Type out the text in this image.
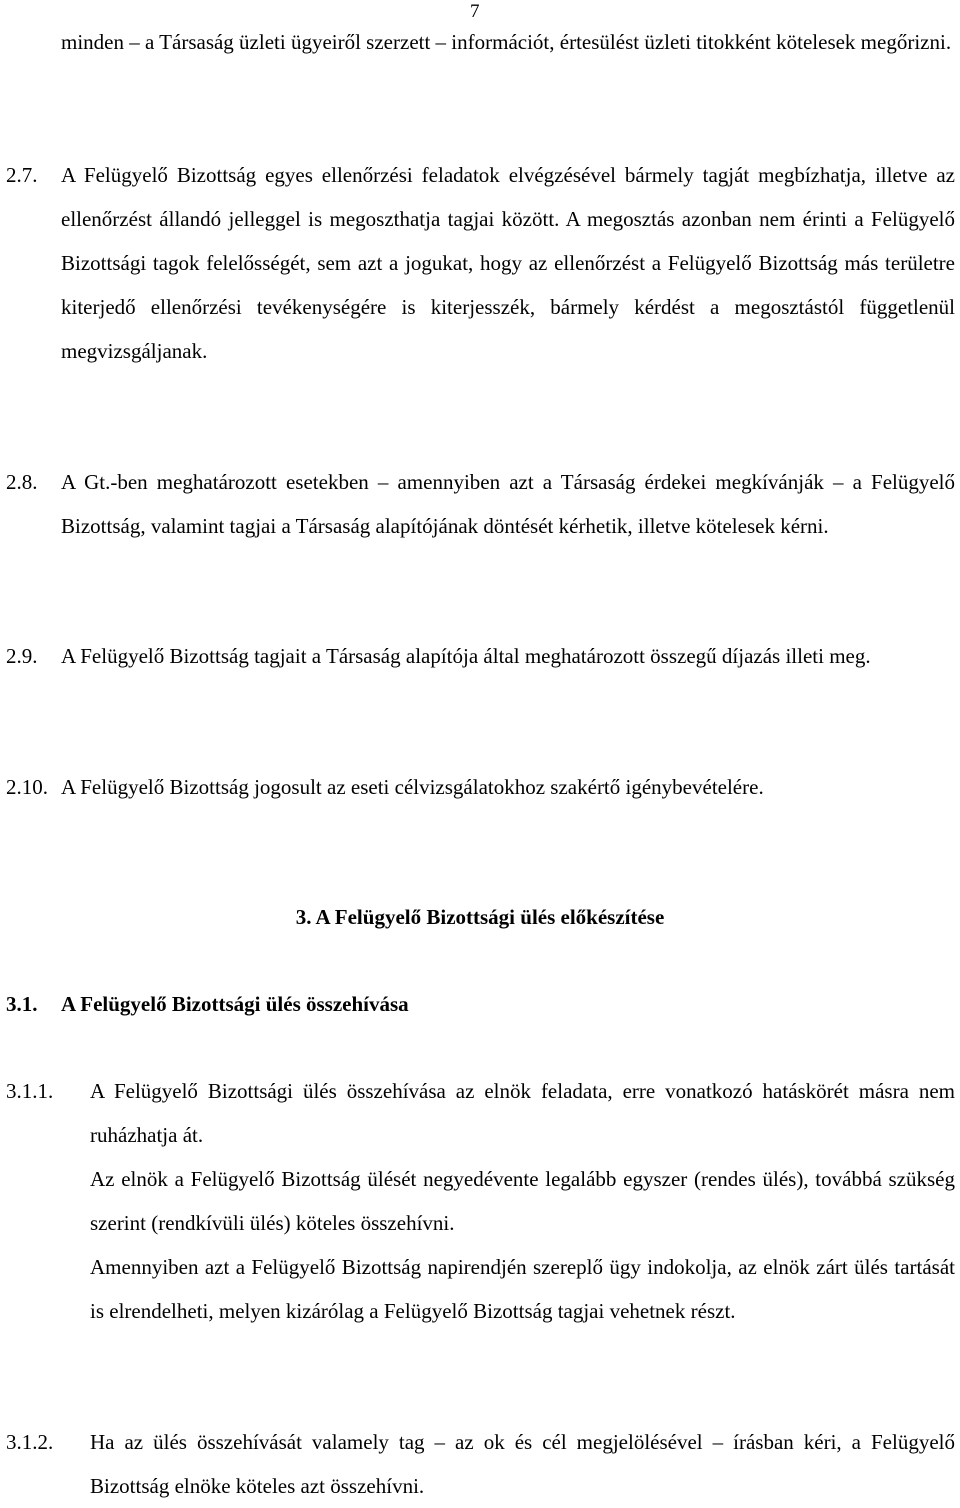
7
minden – a Társaság üzleti ügyeiről szerzett – információt, értesülést üzleti titokként kötelesek megőrizni.
2.7. A Felügyelő Bizottság egyes ellenőrzési feladatok elvégzésével bármely tagját megbízhatja, illetve az ellenőrzést állandó jelleggel is megoszthatja tagjai között. A megosztás azonban nem érinti a Felügyelő Bizottsági tagok felelősségét, sem azt a jogukat, hogy az ellenőrzést a Felügyelő Bizottság más területre kiterjedő ellenőrzési tevékenységére is kiterjesszék, bármely kérdést a megosztástól függetlenül megvizsgáljanak.
2.8. A Gt.-ben meghatározott esetekben – amennyiben azt a Társaság érdekei megkívánják – a Felügyelő Bizottság, valamint tagjai a Társaság alapítójának döntését kérhetik, illetve kötelesek kérni.
2.9. A Felügyelő Bizottság tagjait a Társaság alapítója által meghatározott összegű díjazás illeti meg.
2.10. A Felügyelő Bizottság jogosult az eseti célvizsgálatokhoz szakértő igénybevételére.
3. A Felügyelő Bizottsági ülés előkészítése
3.1. A Felügyelő Bizottsági ülés összehívása
3.1.1. A Felügyelő Bizottsági ülés összehívása az elnök feladata, erre vonatkozó hatáskörét másra nem ruházhatja át.

Az elnök a Felügyelő Bizottság ülését negyedévente legalább egyszer (rendes ülés), továbbá szükség szerint (rendkívüli ülés) köteles összehívni.

Amennyiben azt a Felügyelő Bizottság napirendjén szereplő ügy indokolja, az elnök zárt ülés tartását is elrendelheti, melyen kizárólag a Felügyelő Bizottság tagjai vehetnek részt.

3.1.2. Ha az ülés összehívását valamely tag – az ok és cél megjelölésével – írásban kéri, a Felügyelő Bizottság elnöke köteles azt összehívni.
